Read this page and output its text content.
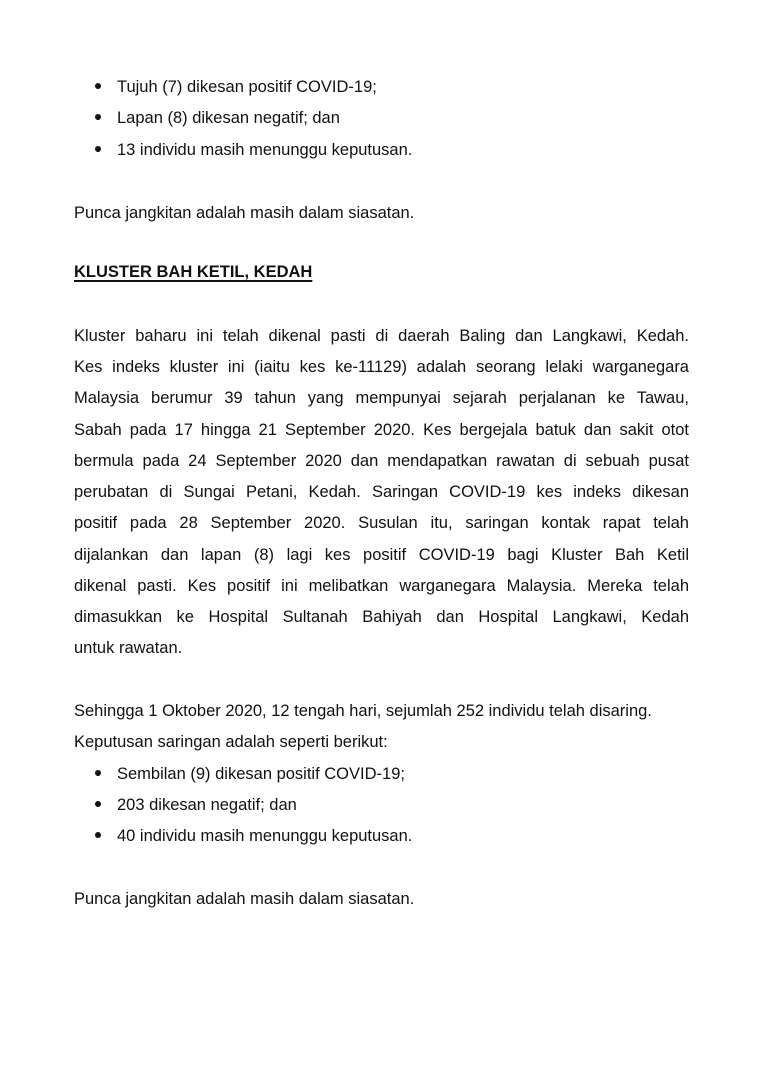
Tujuh (7) dikesan positif COVID-19;
Lapan (8) dikesan negatif; dan
13 individu masih menunggu keputusan.
Punca jangkitan adalah masih dalam siasatan.
KLUSTER BAH KETIL, KEDAH
Kluster baharu ini telah dikenal pasti di daerah Baling dan Langkawi, Kedah.
Kes indeks kluster ini (iaitu kes ke-11129) adalah seorang lelaki warganegara
Malaysia berumur 39 tahun yang mempunyai sejarah perjalanan ke Tawau,
Sabah pada 17 hingga 21 September 2020. Kes bergejala batuk dan sakit otot
bermula pada 24 September 2020 dan mendapatkan rawatan di sebuah pusat
perubatan di Sungai Petani, Kedah. Saringan COVID-19 kes indeks dikesan
positif pada 28 September 2020. Susulan itu, saringan kontak rapat telah
dijalankan dan lapan (8) lagi kes positif COVID-19 bagi Kluster Bah Ketil
dikenal pasti. Kes positif ini melibatkan warganegara Malaysia. Mereka telah
dimasukkan ke Hospital Sultanah Bahiyah dan Hospital Langkawi, Kedah
untuk rawatan.
Sehingga 1 Oktober 2020, 12 tengah hari, sejumlah 252 individu telah disaring.
Keputusan saringan adalah seperti berikut:
Sembilan (9) dikesan positif COVID-19;
203 dikesan negatif; dan
40 individu masih menunggu keputusan.
Punca jangkitan adalah masih dalam siasatan.
